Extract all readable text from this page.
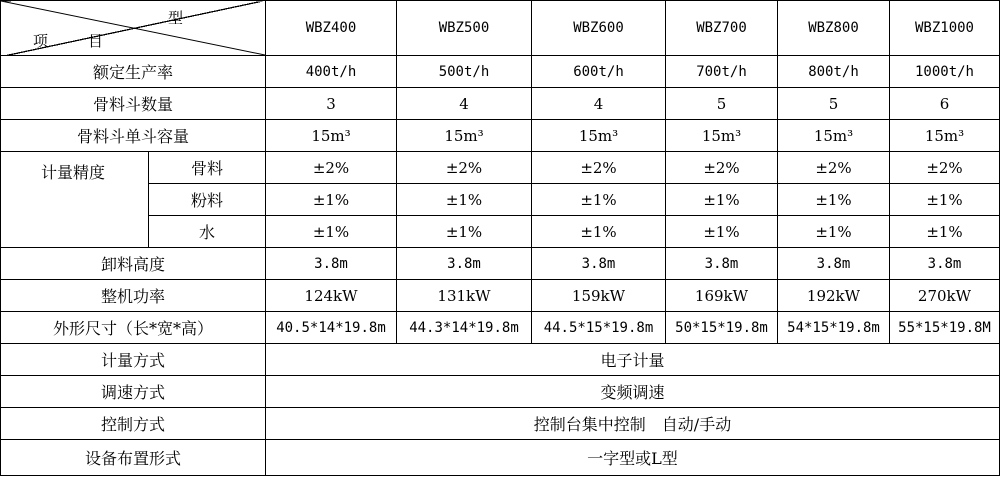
型
项 目		WBZ400	WBZ500	WBZ600	WBZ700	WBZ800	WBZ1000
额定生产率		400t/h	500t/h	600t/h	700t/h	800t/h	1000t/h
骨料斗数量		3	4	4	5	5	6
骨料斗单斗容量		15m³	15m³	15m³	15m³	15m³	15m³
计量精度	骨料	±2%	±2%	±2%	±2%	±2%	±2%
	粉料	±1%	±1%	±1%	±1%	±1%	±1%
	水	±1%	±1%	±1%	±1%	±1%	±1%
卸料高度		3.8m	3.8m	3.8m	3.8m	3.8m	3.8m
整机功率		124kW	131kW	159kW	169kW	192kW	270kW
外形尺寸（长*宽*高）		40.5*14*19.8m	44.3*14*19.8m	44.5*15*19.8m	50*15*19.8m	54*15*19.8m	55*15*19.8M
计量方式		电子计量					
调速方式		变频调速					
控制方式		控制台集中控制　自动/手动					
设备布置形式		一字型或L型					
